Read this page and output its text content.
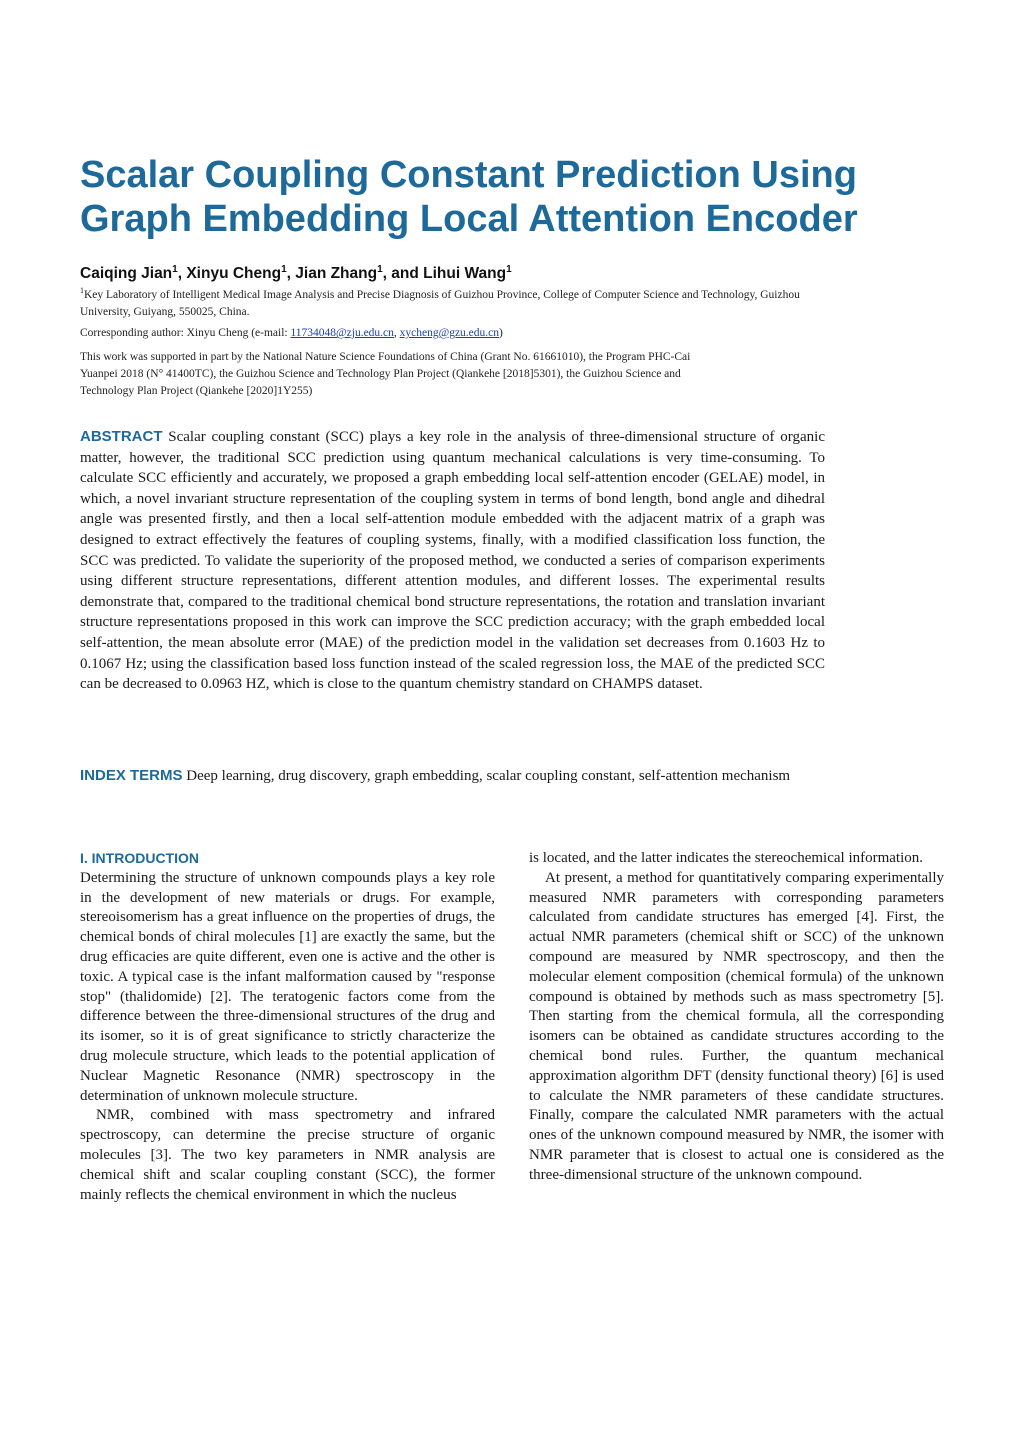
Scalar Coupling Constant Prediction Using
Graph Embedding Local Attention Encoder

Caiqing Jian$^1$, Xinyu Cheng$^1$, Jian Zhang$^1$, and Lihui Wang$^1$

$^1$Key Laboratory of Intelligent Medical Image Analysis and Precise Diagnosis of Guizhou Province, College of Computer Science and Technology, Guizhou University, Guiyang, 550025, China.

Corresponding author: Xinyu Cheng (e-mail: 11734048@zju.edu.cn, xycheng@gzu.edu.cn)

This work was supported in part by the National Nature Science Foundations of China (Grant No. 61661010), the Program PHC-Cai
Yuanpei 2018 (N° 41400TC), the Guizhou Science and Technology Plan Project (Qiankehe [2018]5301), the Guizhou Science and
Technology Plan Project (Qiankehe [2020]1Y255)

ABSTRACT Scalar coupling constant (SCC) plays a key role in the analysis of three-dimensional structure of organic matter, however, the traditional SCC prediction using quantum mechanical calculations is very time-consuming. To calculate SCC efficiently and accurately, we proposed a graph embedding local self-attention encoder (GELAE) model, in which, a novel invariant structure representation of the coupling system in terms of bond length, bond angle and dihedral angle was presented firstly, and then a local self-attention module embedded with the adjacent matrix of a graph was designed to extract effectively the features of coupling systems, finally, with a modified classification loss function, the SCC was predicted. To validate the superiority of the proposed method, we conducted a series of comparison experiments using different structure representations, different attention modules, and different losses. The experimental results demonstrate that, compared to the traditional chemical bond structure representations, the rotation and translation invariant structure representations proposed in this work can improve the SCC prediction accuracy; with the graph embedded local self-attention, the mean absolute error (MAE) of the prediction model in the validation set decreases from 0.1603 Hz to 0.1067 Hz; using the classification based loss function instead of the scaled regression loss, the MAE of the predicted SCC can be decreased to 0.0963 HZ, which is close to the quantum chemistry standard on CHAMPS dataset.

INDEX TERMS Deep learning, drug discovery, graph embedding, scalar coupling constant, self-attention mechanism

I. INTRODUCTION

Determining the structure of unknown compounds plays a key role in the development of new materials or drugs. For example, stereoisomerism has a great influence on the properties of drugs, the chemical bonds of chiral molecules [1] are exactly the same, but the drug efficacies are quite different, even one is active and the other is toxic. A typical case is the infant malformation caused by "response stop" (thalidomide) [2]. The teratogenic factors come from the difference between the three-dimensional structures of the drug and its isomer, so it is of great significance to strictly characterize the drug molecule structure, which leads to the potential application of Nuclear Magnetic Resonance (NMR) spectroscopy in the determination of unknown molecule structure.

NMR, combined with mass spectrometry and infrared spectroscopy, can determine the precise structure of organic molecules [3]. The two key parameters in NMR analysis are chemical shift and scalar coupling constant (SCC), the former mainly reflects the chemical environment in which the nucleus

is located, and the latter indicates the stereochemical information.

At present, a method for quantitatively comparing experimentally measured NMR parameters with corresponding parameters calculated from candidate structures has emerged [4]. First, the actual NMR parameters (chemical shift or SCC) of the unknown compound are measured by NMR spectroscopy, and then the molecular element composition (chemical formula) of the unknown compound is obtained by methods such as mass spectrometry [5]. Then starting from the chemical formula, all the corresponding isomers can be obtained as candidate structures according to the chemical bond rules. Further, the quantum mechanical approximation algorithm DFT (density functional theory) [6] is used to calculate the NMR parameters of these candidate structures. Finally, compare the calculated NMR parameters with the actual ones of the unknown compound measured by NMR, the isomer with NMR parameter that is closest to actual one is considered as the three-dimensional structure of the unknown compound.
